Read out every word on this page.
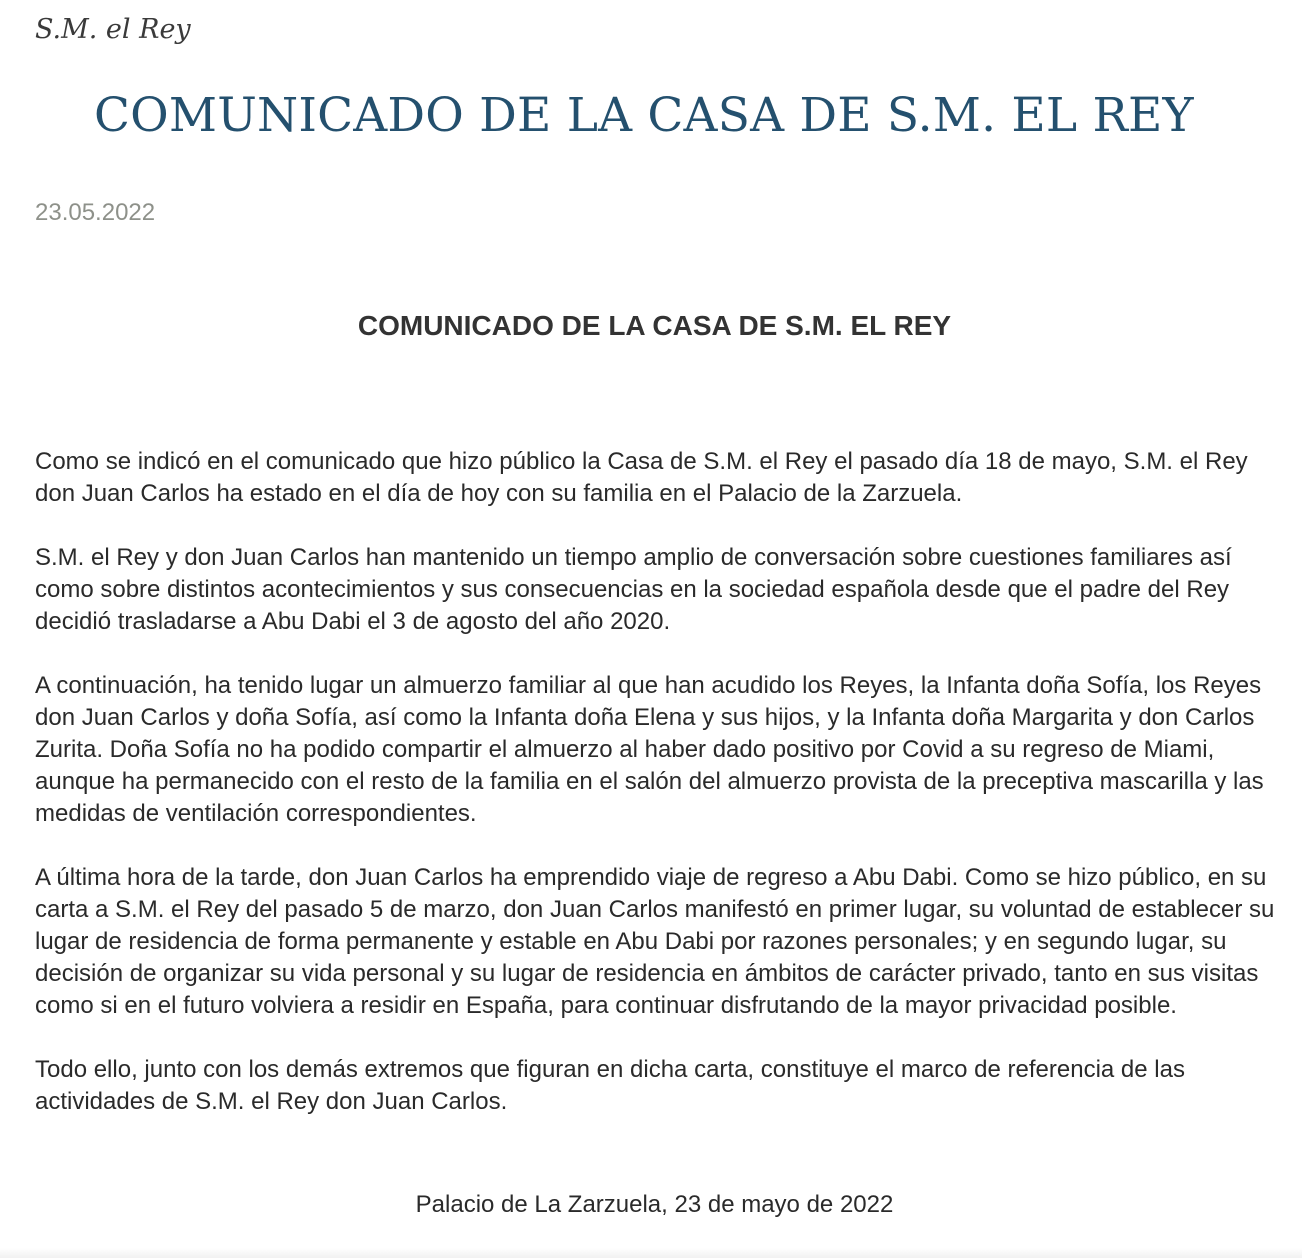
S.M. el Rey

COMUNICADO DE LA CASA DE S.M. EL REY

23.05.2022

COMUNICADO DE LA CASA DE S.M. EL REY

Como se indicó en el comunicado que hizo público la Casa de S.M. el Rey el pasado día 18 de mayo, S.M. el Rey don Juan Carlos ha estado en el día de hoy con su familia en el Palacio de la Zarzuela.

S.M. el Rey y don Juan Carlos han mantenido un tiempo amplio de conversación sobre cuestiones familiares así como sobre distintos acontecimientos y sus consecuencias en la sociedad española desde que el padre del Rey decidió trasladarse a Abu Dabi el 3 de agosto del año 2020.

A continuación, ha tenido lugar un almuerzo familiar al que han acudido los Reyes, la Infanta doña Sofía, los Reyes don Juan Carlos y doña Sofía, así como la Infanta doña Elena y sus hijos, y la Infanta doña Margarita y don Carlos Zurita. Doña Sofía no ha podido compartir el almuerzo al haber dado positivo por Covid a su regreso de Miami, aunque ha permanecido con el resto de la familia en el salón del almuerzo provista de la preceptiva mascarilla y las medidas de ventilación correspondientes.

A última hora de la tarde, don Juan Carlos ha emprendido viaje de regreso a Abu Dabi. Como se hizo público, en su carta a S.M. el Rey del pasado 5 de marzo, don Juan Carlos manifestó en primer lugar, su voluntad de establecer su lugar de residencia de forma permanente y estable en Abu Dabi por razones personales; y en segundo lugar, su decisión de organizar su vida personal y su lugar de residencia en ámbitos de carácter privado, tanto en sus visitas como si en el futuro volviera a residir en España, para continuar disfrutando de la mayor privacidad posible.

Todo ello, junto con los demás extremos que figuran en dicha carta, constituye el marco de referencia de las actividades de S.M. el Rey don Juan Carlos.

Palacio de La Zarzuela, 23 de mayo de 2022
